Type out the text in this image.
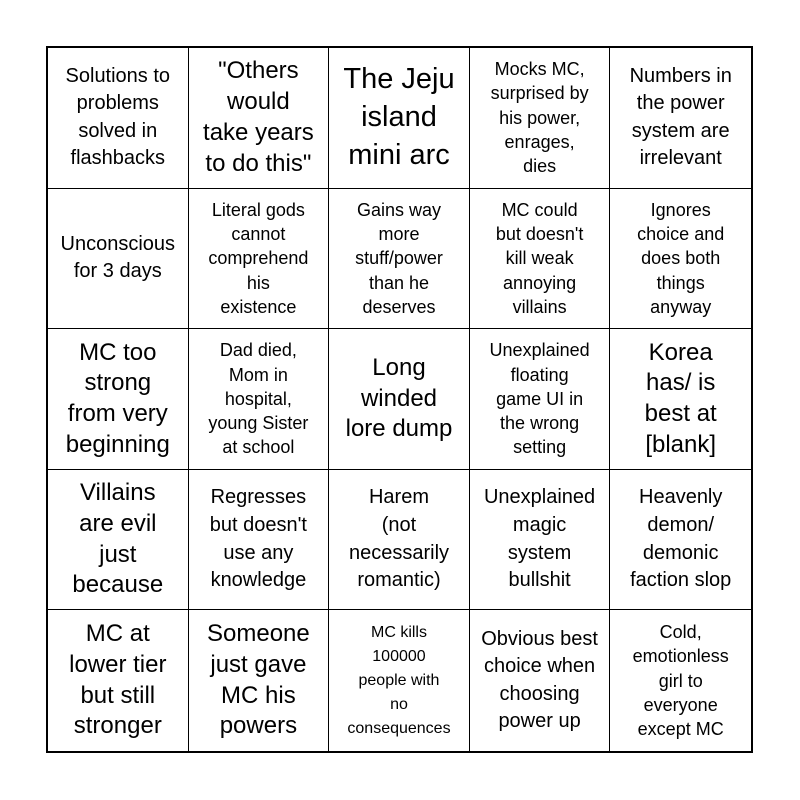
Solutions to
problems
solved in
flashbacks
"Others
would
take years
to do this"
The Jeju
island
mini arc
Mocks MC,
surprised by
his power,
enrages,
dies
Numbers in
the power
system are
irrelevant
Unconscious
for 3 days
Literal gods
cannot
comprehend
his
existence
Gains way
more
stuff/power
than he
deserves
MC could
but doesn't
kill weak
annoying
villains
Ignores
choice and
does both
things
anyway
MC too
strong
from very
beginning
Dad died,
Mom in
hospital,
young Sister
at school
Long
winded
lore dump
Unexplained
floating
game UI in
the wrong
setting
Korea
has/ is
best at
[blank]
Villains
are evil
just
because
Regresses
but doesn't
use any
knowledge
Harem
(not
necessarily
romantic)
Unexplained
magic
system
bullshit
Heavenly
demon/
demonic
faction slop
MC at
lower tier
but still
stronger
Someone
just gave
MC his
powers
MC kills
100000
people with
no
consequences
Obvious best
choice when
choosing
power up
Cold,
emotionless
girl to
everyone
except MC
